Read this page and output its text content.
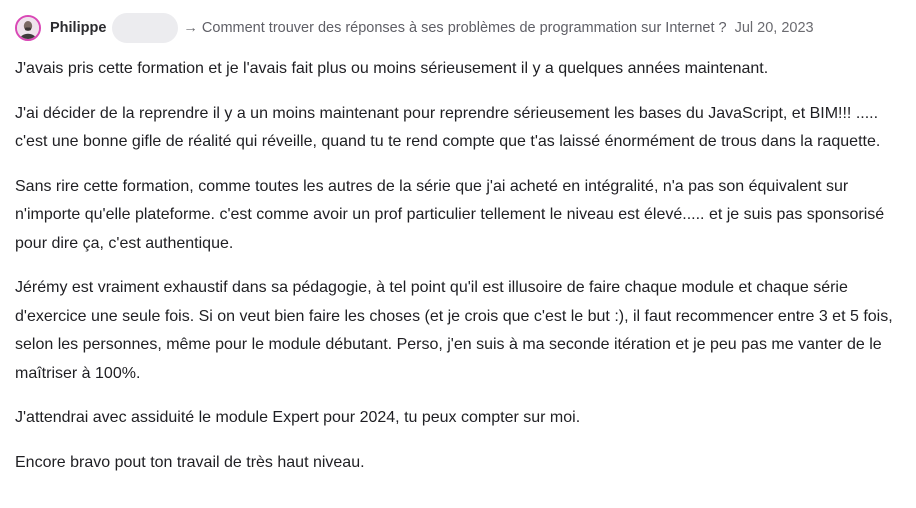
Philippe	→ Comment trouver des réponses à ses problèmes de programmation sur Internet ? Jul 20, 2023

J'avais pris cette formation et je l'avais fait plus ou moins sérieusement il y a quelques années maintenant.

J'ai décider de la reprendre il y a un moins maintenant pour reprendre sérieusement les bases du JavaScript, et BIM!!! ..... c'est une bonne gifle de réalité qui réveille, quand tu te rend compte que t'as laissé énormément de trous dans la raquette.

Sans rire cette formation, comme toutes les autres de la série que j'ai acheté en intégralité, n'a pas son équivalent sur n'importe qu'elle plateforme. c'est comme avoir un prof particulier tellement le niveau est élevé..... et je suis pas sponsorisé pour dire ça, c'est authentique.

Jérémy est vraiment exhaustif dans sa pédagogie, à tel point qu'il est illusoire de faire chaque module et chaque série d'exercice une seule fois. Si on veut bien faire les choses (et je crois que c'est le but :), il faut recommencer entre 3 et 5 fois, selon les personnes, même pour le module débutant. Perso, j'en suis à ma seconde itération et je peu pas me vanter de le maîtriser à 100%.

J'attendrai avec assiduité le module Expert pour 2024, tu peux compter sur moi.

Encore bravo pout ton travail de très haut niveau.
